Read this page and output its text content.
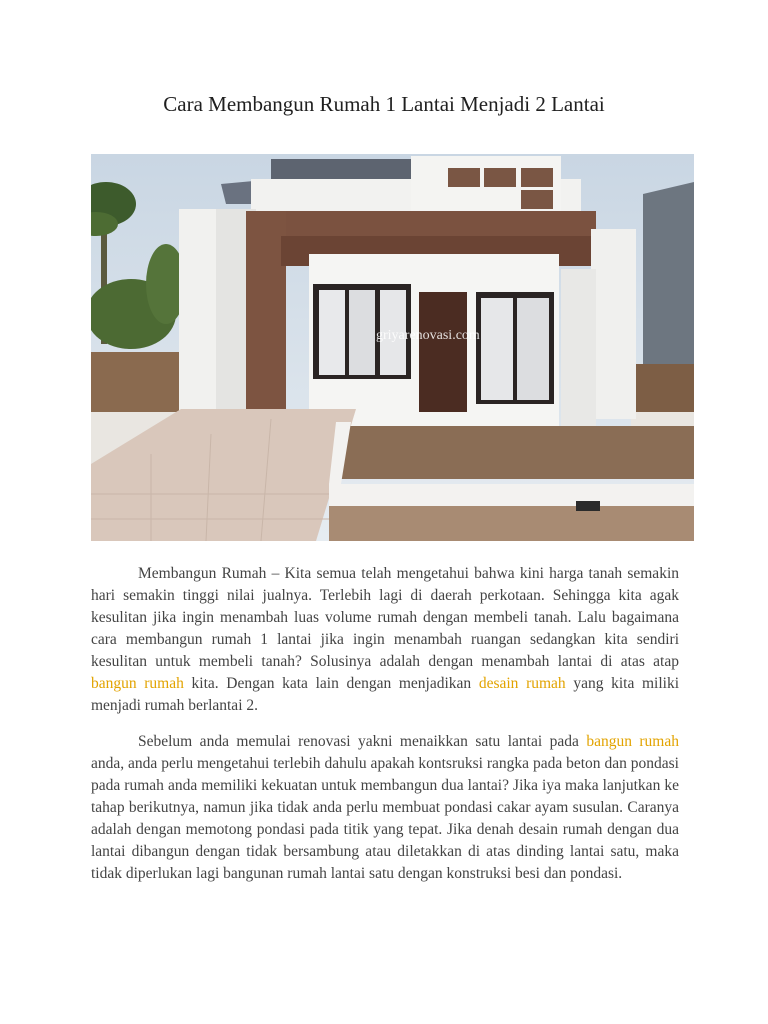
Cara Membangun Rumah 1 Lantai Menjadi 2 Lantai
griyarenovasi.com

Membangun Rumah – Kita semua telah mengetahui bahwa kini harga tanah semakin hari semakin tinggi nilai jualnya. Terlebih lagi di daerah perkotaan. Sehingga kita agak kesulitan jika ingin menambah luas volume rumah dengan membeli tanah. Lalu bagaimana cara membangun rumah 1 lantai jika ingin menambah ruangan sedangkan kita sendiri kesulitan untuk membeli tanah? Solusinya adalah dengan menambah lantai di atas atap bangun rumah kita. Dengan kata lain dengan menjadikan desain rumah yang kita miliki menjadi rumah berlantai 2.

Sebelum anda memulai renovasi yakni menaikkan satu lantai pada bangun rumah anda, anda perlu mengetahui terlebih dahulu apakah kontsruksi rangka pada beton dan pondasi pada rumah anda memiliki kekuatan untuk membangun dua lantai? Jika iya maka lanjutkan ke tahap berikutnya, namun jika tidak anda perlu membuat pondasi cakar ayam susulan. Caranya adalah dengan memotong pondasi pada titik yang tepat. Jika denah desain rumah dengan dua lantai dibangun dengan tidak bersambung atau diletakkan di atas dinding lantai satu, maka tidak diperlukan lagi bangunan rumah lantai satu dengan konstruksi besi dan pondasi.
